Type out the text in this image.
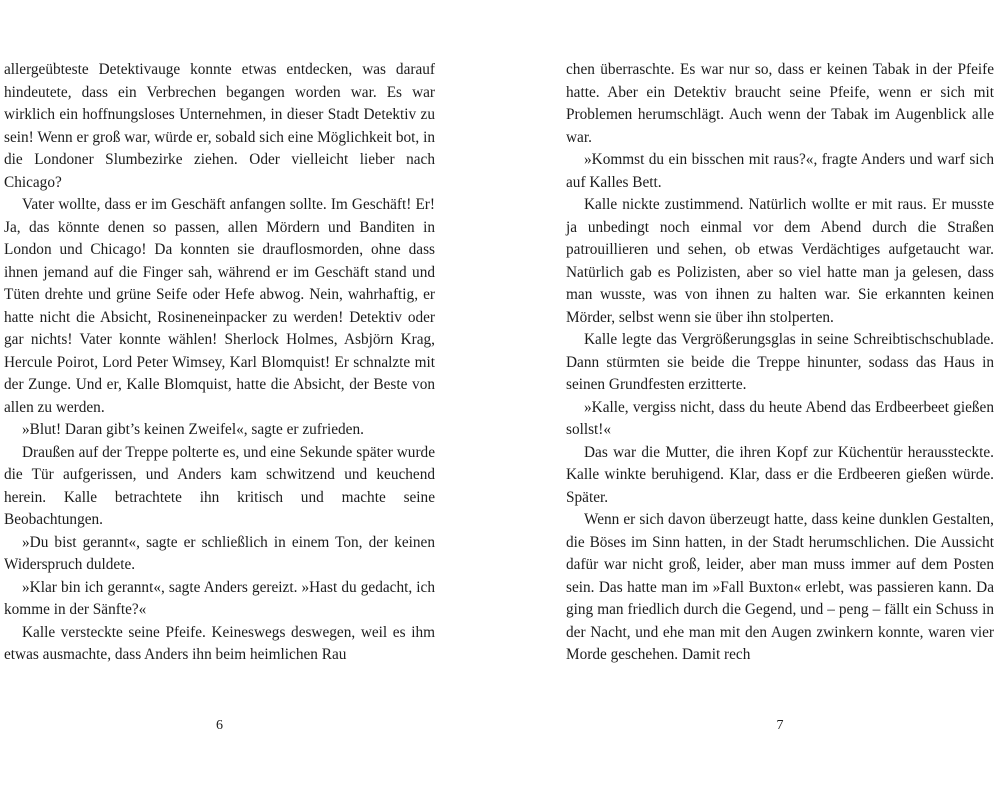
allergeübteste Detektivauge konnte etwas entdecken, was darauf hindeutete, dass ein Verbrechen begangen worden war. Es war wirklich ein hoffnungsloses Unternehmen, in dieser Stadt Detektiv zu sein! Wenn er groß war, würde er, sobald sich eine Möglichkeit bot, in die Londoner Slumbezirke ziehen. Oder vielleicht lieber nach Chicago?

Vater wollte, dass er im Geschäft anfangen sollte. Im Geschäft! Er! Ja, das könnte denen so passen, allen Mördern und Banditen in London und Chicago! Da konnten sie drauflosmorden, ohne dass ihnen jemand auf die Finger sah, während er im Geschäft stand und Tüten drehte und grüne Seife oder Hefe abwog. Nein, wahrhaftig, er hatte nicht die Absicht, Rosineneinpacker zu werden! Detektiv oder gar nichts! Vater konnte wählen! Sherlock Holmes, Asbjörn Krag, Hercule Poirot, Lord Peter Wimsey, Karl Blomquist! Er schnalzte mit der Zunge. Und er, Kalle Blomquist, hatte die Absicht, der Beste von allen zu werden.

»Blut! Daran gibt’s keinen Zweifel«, sagte er zufrieden.

Draußen auf der Treppe polterte es, und eine Sekunde später wurde die Tür aufgerissen, und Anders kam schwitzend und keuchend herein. Kalle betrachtete ihn kritisch und machte seine Beobachtungen.

»Du bist gerannt«, sagte er schließlich in einem Ton, der keinen Widerspruch duldete.

»Klar bin ich gerannt«, sagte Anders gereizt. »Hast du gedacht, ich komme in der Sänfte?«

Kalle versteckte seine Pfeife. Keineswegs deswegen, weil es ihm etwas ausmachte, dass Anders ihn beim heimlichen Rau

6

chen überraschte. Es war nur so, dass er keinen Tabak in der Pfeife hatte. Aber ein Detektiv braucht seine Pfeife, wenn er sich mit Problemen herumschlägt. Auch wenn der Tabak im Augenblick alle war.

»Kommst du ein bisschen mit raus?«, fragte Anders und warf sich auf Kalles Bett.

Kalle nickte zustimmend. Natürlich wollte er mit raus. Er musste ja unbedingt noch einmal vor dem Abend durch die Straßen patrouillieren und sehen, ob etwas Verdächtiges aufgetaucht war. Natürlich gab es Polizisten, aber so viel hatte man ja gelesen, dass man wusste, was von ihnen zu halten war. Sie erkannten keinen Mörder, selbst wenn sie über ihn stolperten.

Kalle legte das Vergrößerungsglas in seine Schreibtischschublade. Dann stürmten sie beide die Treppe hinunter, sodass das Haus in seinen Grundfesten erzitterte.

»Kalle, vergiss nicht, dass du heute Abend das Erdbeerbeet gießen sollst!«

Das war die Mutter, die ihren Kopf zur Küchentür heraussteckte. Kalle winkte beruhigend. Klar, dass er die Erdbeeren gießen würde. Später.

Wenn er sich davon überzeugt hatte, dass keine dunklen Gestalten, die Böses im Sinn hatten, in der Stadt herumschlichen. Die Aussicht dafür war nicht groß, leider, aber man muss immer auf dem Posten sein. Das hatte man im »Fall Buxton« erlebt, was passieren kann. Da ging man friedlich durch die Gegend, und – peng – fällt ein Schuss in der Nacht, und ehe man mit den Augen zwinkern konnte, waren vier Morde geschehen. Damit rech

7
